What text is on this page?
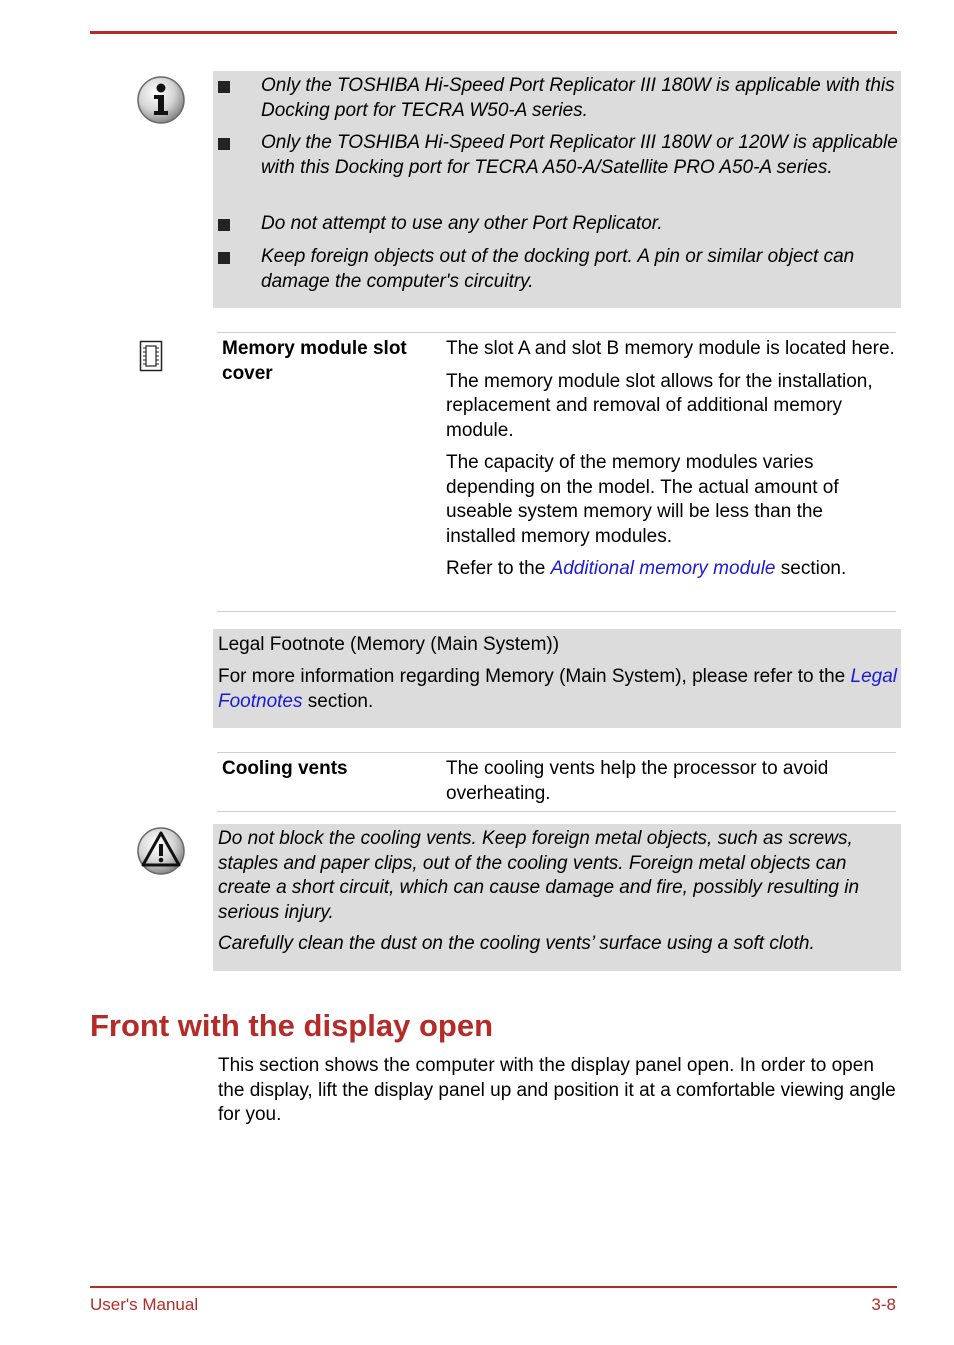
Only the TOSHIBA Hi-Speed Port Replicator III 180W is applicable with this Docking port for TECRA W50-A series.
Only the TOSHIBA Hi-Speed Port Replicator III 180W or 120W is applicable with this Docking port for TECRA A50-A/Satellite PRO A50-A series.
Do not attempt to use any other Port Replicator.
Keep foreign objects out of the docking port. A pin or similar object can damage the computer's circuitry.
Memory module slot cover

The slot A and slot B memory module is located here.

The memory module slot allows for the installation, replacement and removal of additional memory module.

The capacity of the memory modules varies depending on the model. The actual amount of useable system memory will be less than the installed memory modules.

Refer to the Additional memory module section.

Legal Footnote (Memory (Main System))

For more information regarding Memory (Main System), please refer to the Legal Footnotes section.

Cooling vents	The cooling vents help the processor to avoid overheating.

Do not block the cooling vents. Keep foreign metal objects, such as screws, staples and paper clips, out of the cooling vents. Foreign metal objects can create a short circuit, which can cause damage and fire, possibly resulting in serious injury.

Carefully clean the dust on the cooling vents’ surface using a soft cloth.

Front with the display open
This section shows the computer with the display panel open. In order to open the display, lift the display panel up and position it at a comfortable viewing angle for you.
User's Manual	3-8
